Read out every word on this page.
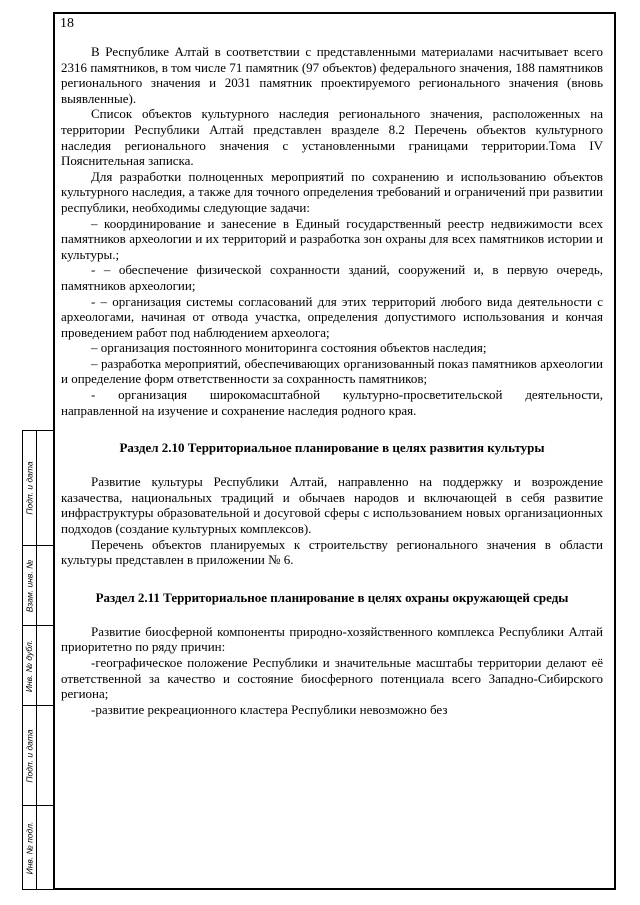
Подп. и дата
Взам. инв. №
Инв. № дубл.
Подп. и дата
Инв. № подл.
18

В Республике Алтай в соответствии с представленными материалами насчитывает всего 2316 памятников, в том числе 71 памятник (97 объектов) федерального значения, 188 памятников регионального значения и 2031 памятник проектируемого регионального значения (вновь выявленные).

Список объектов культурного наследия регионального значения, расположенных на территории Республики Алтай представлен вразделе 8.2 Перечень объектов культурного наследия регионального значения с установленными границами территории.Тома IV Пояснительная записка.

Для разработки полноценных мероприятий по сохранению и использованию объектов культурного наследия, а также для точного определения требований и ограничений при развитии республики, необходимы следующие задачи:

– координирование и занесение в Единый государственный реестр недвижимости всех памятников археологии и их территорий и разработка зон охраны для всех памятников истории и культуры.;

- – обеспечение физической сохранности зданий, сооружений и, в первую очередь, памятников археологии;

- – организация системы согласований для этих территорий любого вида деятельности с археологами, начиная от отвода участка, определения допустимого использования и кончая проведением работ под наблюдением археолога;

– организация постоянного мониторинга состояния объектов наследия;

– разработка мероприятий, обеспечивающих организованный показ памятников археологии и определение форм ответственности за сохранность памятников;

- организация широкомасштабной культурно-просветительской деятельности, направленной на изучение и сохранение наследия родного края.

Раздел 2.10 Территориальное планирование в целях развития культуры

Развитие культуры Республики Алтай, направленно на поддержку и возрождение казачества, национальных традиций и обычаев народов и включающей в себя развитие инфраструктуры образовательной и досуговой сферы с использованием новых организационных подходов (создание культурных комплексов).

Перечень объектов планируемых к строительству регионального значения в области культуры представлен в приложении № 6.

Раздел 2.11 Территориальное планирование в целях охраны окружающей среды

Развитие биосферной компоненты природно-хозяйственного комплекса Республики Алтай приоритетно по ряду причин:

-географическое положение Республики и значительные масштабы территории делают её ответственной за качество и состояние биосферного потенциала всего Западно-Сибирского региона;

-развитие рекреационного кластера Республики невозможно без
